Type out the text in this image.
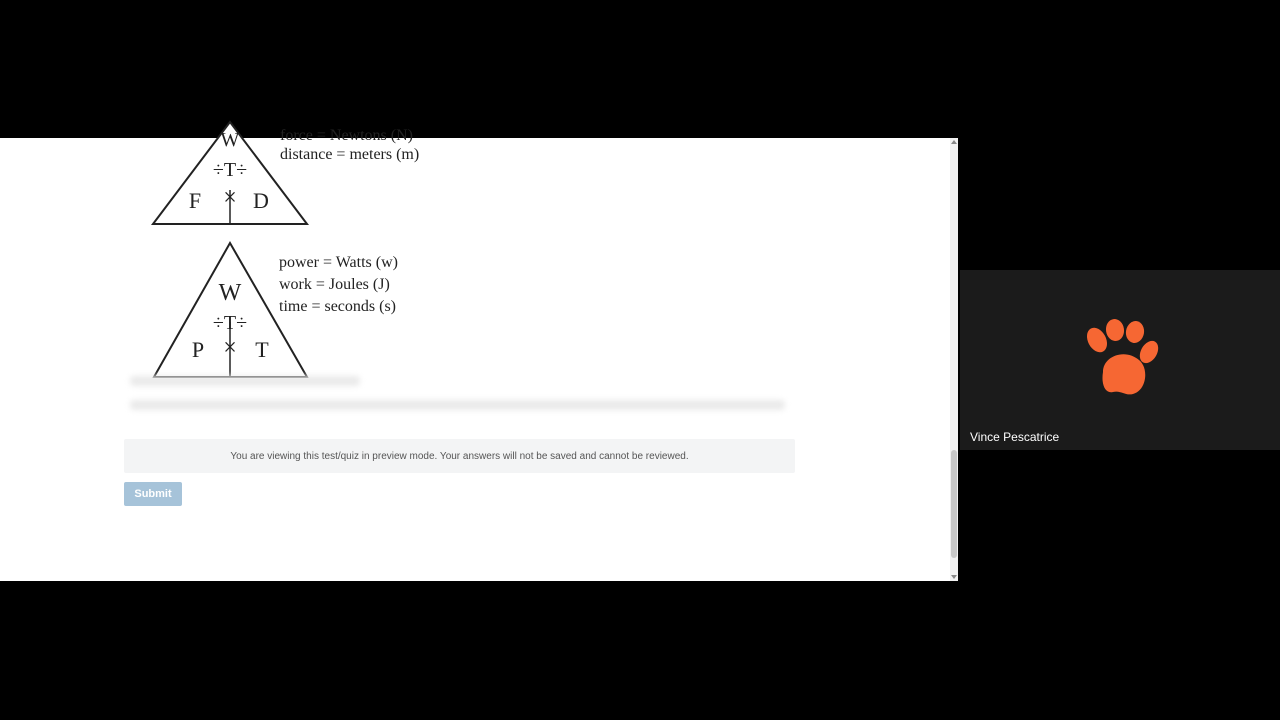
W
÷T÷
F × D
force = Newtons (N)
distance = meters (m)
W
÷T÷
P × T
power = Watts (w)
work = Joules (J)
time = seconds (s)
You are viewing this test/quiz in preview mode. Your answers will not be saved and cannot be reviewed.
Submit
Vince Pescatrice
